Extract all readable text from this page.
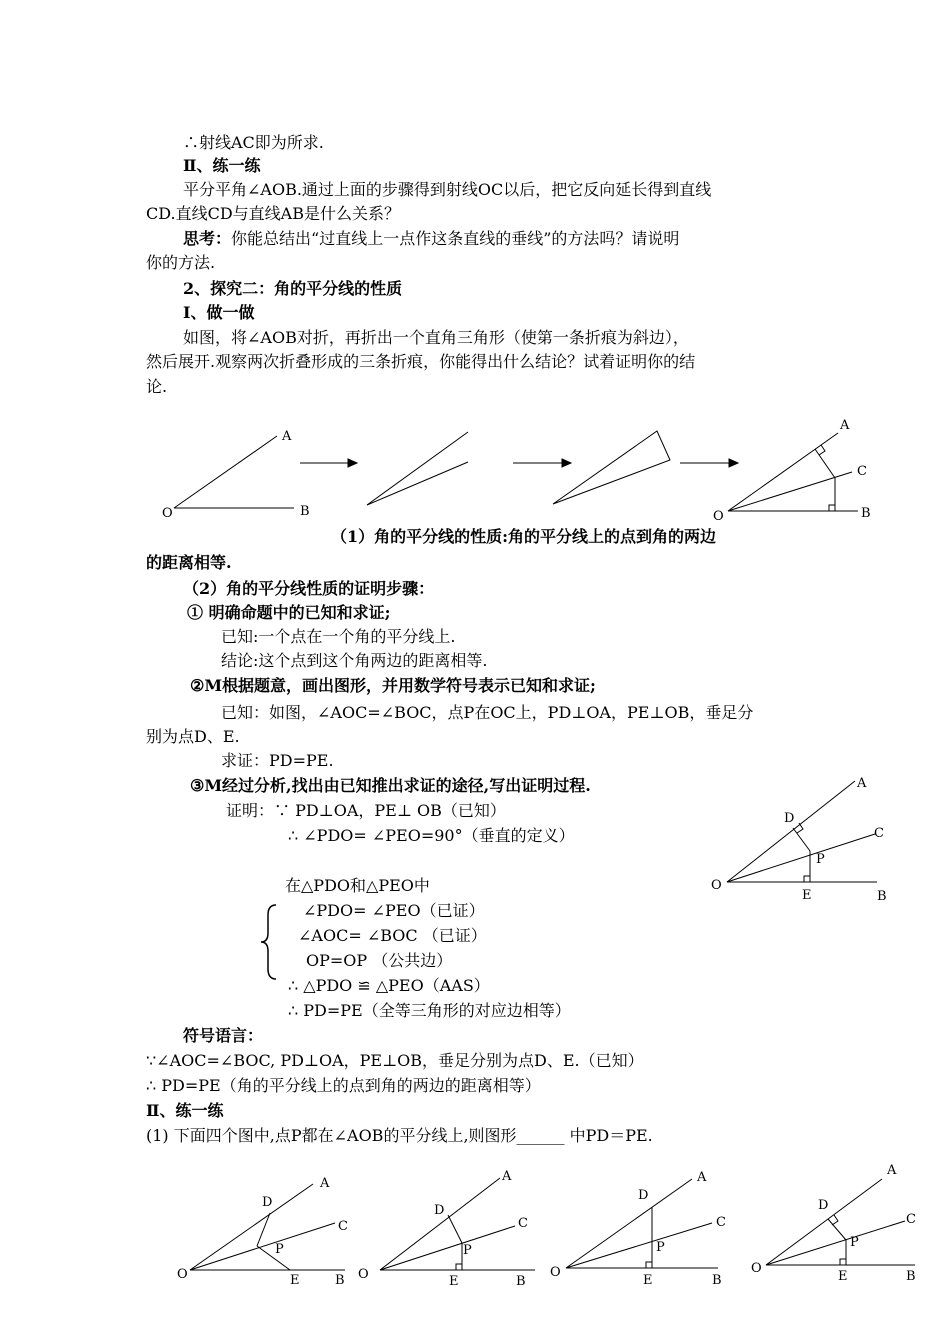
∴射线AC即为所求.
Ⅱ、练一练
平分平角∠AOB.通过上面的步骤得到射线OC以后，把它反向延长得到直线
CD.直线CD与直线AB是什么关系？
思考：你能总结出“过直线上一点作这条直线的垂线”的方法吗？请说明
你的方法.
2、探究二：角的平分线的性质
Ⅰ、做一做
如图，将∠AOB对折，再折出一个直角三角形（使第一条折痕为斜边），
然后展开.观察两次折叠形成的三条折痕，你能得出什么结论？试着证明你的结
论.
A
O	B
A
C
O	B
（1）角的平分线的性质:角的平分线上的点到角的两边
的距离相等.
（2）角的平分线性质的证明步骤：
① 明确命题中的已知和求证;
已知:一个点在一个角的平分线上.
结论:这个点到这个角两边的距离相等.
②M根据题意，画出图形，并用数学符号表示已知和求证;
已知：如图，∠AOC=∠BOC，点P在OC上，PD⊥OA，PE⊥OB，垂足分
别为点D、E.
求证：PD=PE.
③M经过分析,找出由已知推出求证的途径,写出证明过程.
证明：∵ PD⊥OA，PE⊥ OB（已知）
∴ ∠PDO= ∠PEO=90°（垂直的定义）
在△PDO和△PEO中
∠PDO= ∠PEO（已证）
∠AOC= ∠BOC （已证）
OP=OP （公共边）
∴ △PDO ≌ △PEO（AAS）
∴ PD=PE（全等三角形的对应边相等）
A
D
C
P
O
E	B
符号语言：
∵∠AOC=∠BOC, PD⊥OA，PE⊥OB，垂足分别为点D、E.（已知）
∴ PD=PE（角的平分线上的点到角的两边的距离相等）
Ⅱ、练一练
(1) 下面四个图中,点P都在∠AOB的平分线上,则图形______ 中PD＝PE.
D
A
C
P
O	E	B
D
A
C
P
O	E	B
D
A
C
P
O
E	B
D
A
C
P
O
E	B
